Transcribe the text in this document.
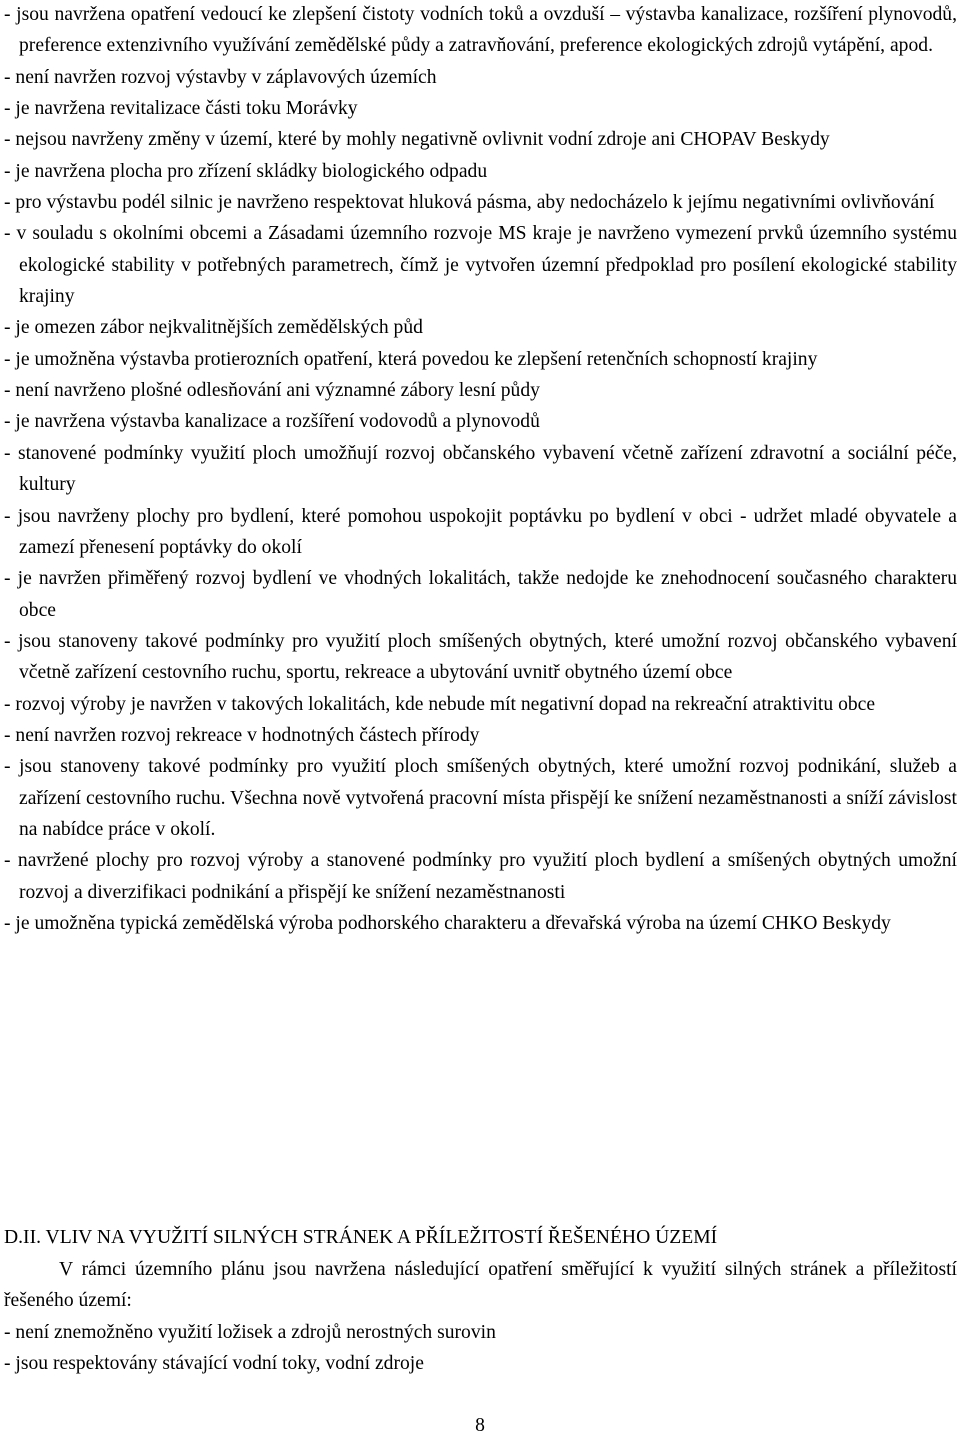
- jsou navržena opatření vedoucí ke zlepšení čistoty vodních toků a ovzduší – výstavba kanalizace, rozšíření plynovodů, preference extenzivního využívání zemědělské půdy a zatravňování, preference ekologických zdrojů vytápění, apod.
- není navržen rozvoj výstavby v záplavových územích
- je navržena revitalizace části toku Morávky
- nejsou navrženy změny v území, které by mohly negativně ovlivnit vodní zdroje ani CHOPAV Beskydy
- je navržena plocha pro zřízení skládky biologického odpadu
- pro výstavbu podél silnic je navrženo respektovat hluková pásma, aby nedocházelo k jejímu negativními ovlivňování
- v souladu s okolními obcemi a Zásadami územního rozvoje MS kraje je navrženo vymezení prvků územního systému ekologické stability v potřebných parametrech, čímž je vytvořen územní předpoklad pro posílení ekologické stability krajiny
- je omezen zábor nejkvalitnějších zemědělských půd
- je umožněna výstavba protierozních opatření, která povedou ke zlepšení retenčních schopností krajiny
- není navrženo plošné odlesňování ani významné zábory lesní půdy
- je navržena výstavba kanalizace a rozšíření vodovodů a plynovodů
- stanovené podmínky využití ploch umožňují rozvoj občanského vybavení včetně zařízení zdravotní a sociální péče, kultury
- jsou navrženy plochy pro bydlení, které pomohou uspokojit poptávku po bydlení v obci - udržet mladé obyvatele a zamezí přenesení poptávky do okolí
- je navržen přiměřený rozvoj bydlení ve vhodných lokalitách, takže nedojde ke znehodnocení současného charakteru obce
- jsou stanoveny takové podmínky pro využití ploch smíšených obytných, které umožní rozvoj občanského vybavení včetně zařízení cestovního ruchu, sportu, rekreace a ubytování uvnitř obytného území obce
- rozvoj výroby je navržen v takových lokalitách, kde nebude mít negativní dopad na rekreační atraktivitu obce
- není navržen rozvoj rekreace v hodnotných částech přírody
- jsou stanoveny takové podmínky pro využití ploch smíšených obytných, které umožní rozvoj podnikání, služeb a zařízení cestovního ruchu. Všechna nově vytvořená pracovní místa přispějí ke snížení nezaměstnanosti a sníží závislost na nabídce práce v okolí.
- navržené plochy pro rozvoj výroby a stanovené podmínky pro využití ploch bydlení a smíšených obytných umožní rozvoj a diverzifikaci podnikání a přispějí ke snížení nezaměstnanosti
- je umožněna typická zemědělská výroba podhorského charakteru a dřevařská výroba na území CHKO Beskydy
D.II. VLIV NA VYUŽITÍ SILNÝCH STRÁNEK A PŘÍLEŽITOSTÍ ŘEŠENÉHO ÚZEMÍ

V rámci územního plánu jsou navržena následující opatření směřující k využití silných stránek a příležitostí řešeného území:

- není znemožněno využití ložisek a zdrojů nerostných surovin
- jsou respektovány stávající vodní toky, vodní zdroje
8
